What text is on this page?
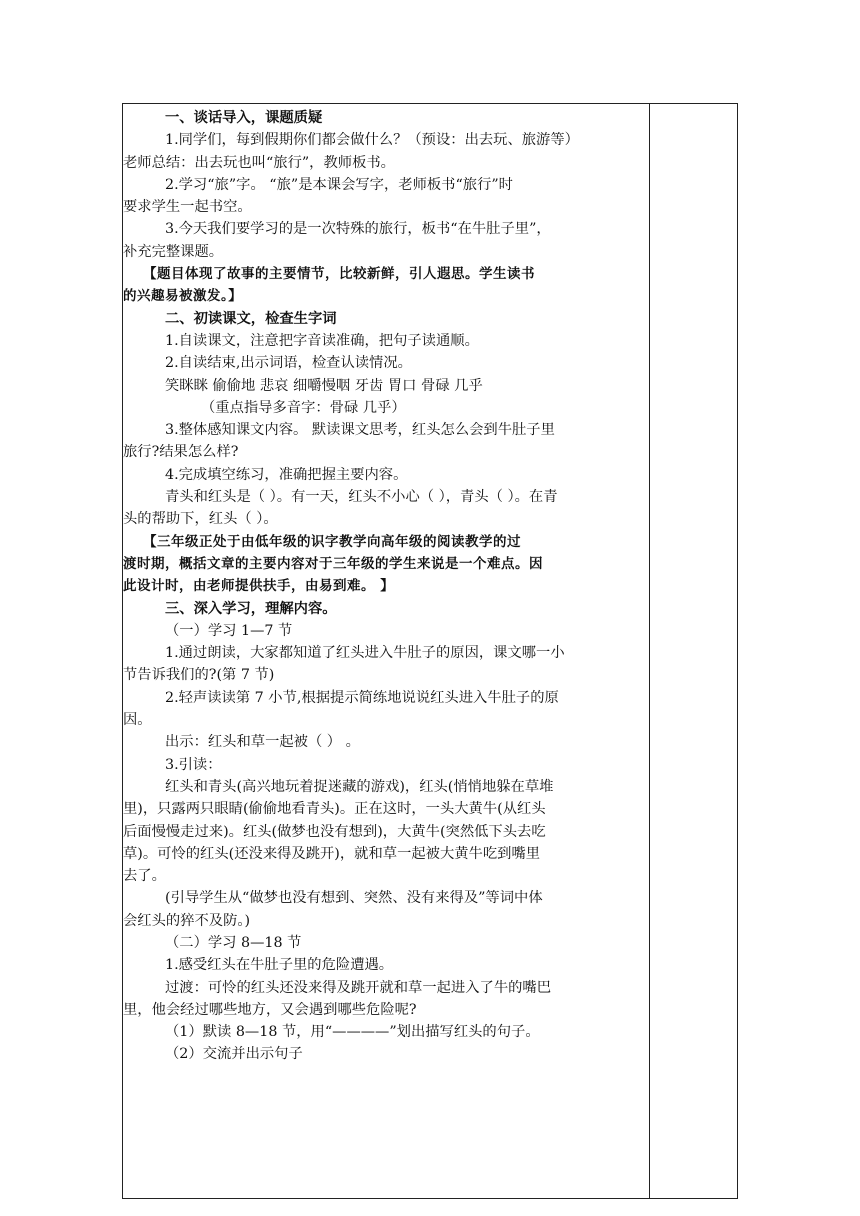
一、谈话导入，课题质疑

1.同学们，每到假期你们都会做什么？（预设：出去玩、旅游等）

老师总结：出去玩也叫“旅行”，教师板书。

2.学习“旅”字。 “旅”是本课会写字，老师板书“旅行”时

要求学生一起书空。

3.今天我们要学习的是一次特殊的旅行，板书“在牛肚子里”，

补充完整课题。

【题目体现了故事的主要情节，比较新鲜，引人遐思。学生读书

的兴趣易被激发。】

二、初读课文，检查生字词

1.自读课文，注意把字音读准确，把句子读通顺。

2.自读结束,出示词语，检查认读情况。

笑眯眯 偷偷地 悲哀 细嚼慢咽 牙齿 胃口 骨碌 几乎

（重点指导多音字：骨碌 几乎）

3.整体感知课文内容。 默读课文思考，红头怎么会到牛肚子里

旅行?结果怎么样?

4.完成填空练习，准确把握主要内容。

青头和红头是（ ）。有一天，红头不小心（ ），青头（ ）。在青

头的帮助下，红头（ ）。

【三年级正处于由低年级的识字教学向高年级的阅读教学的过

渡时期，概括文章的主要内容对于三年级的学生来说是一个难点。因

此设计时，由老师提供扶手，由易到难。 】

三、深入学习，理解内容。

（一）学习 1—7 节

1.通过朗读，大家都知道了红头进入牛肚子的原因，课文哪一小

节告诉我们的?(第 7 节)

2.轻声读读第 7 小节,根据提示简练地说说红头进入牛肚子的原

因。

出示：红头和草一起被（ ） 。

3.引读：

红头和青头(高兴地玩着捉迷藏的游戏)，红头(悄悄地躲在草堆

里)，只露两只眼睛(偷偷地看青头)。正在这时，一头大黄牛(从红头

后面慢慢走过来)。红头(做梦也没有想到)，大黄牛(突然低下头去吃

草)。可怜的红头(还没来得及跳开)，就和草一起被大黄牛吃到嘴里

去了。

(引导学生从“做梦也没有想到、突然、没有来得及”等词中体

会红头的猝不及防。)

（二）学习 8—18 节

1.感受红头在牛肚子里的危险遭遇。

过渡：可怜的红头还没来得及跳开就和草一起进入了牛的嘴巴

里，他会经过哪些地方，又会遇到哪些危险呢?

（1）默读 8—18 节，用“————”划出描写红头的句子。

（2）交流并出示句子
